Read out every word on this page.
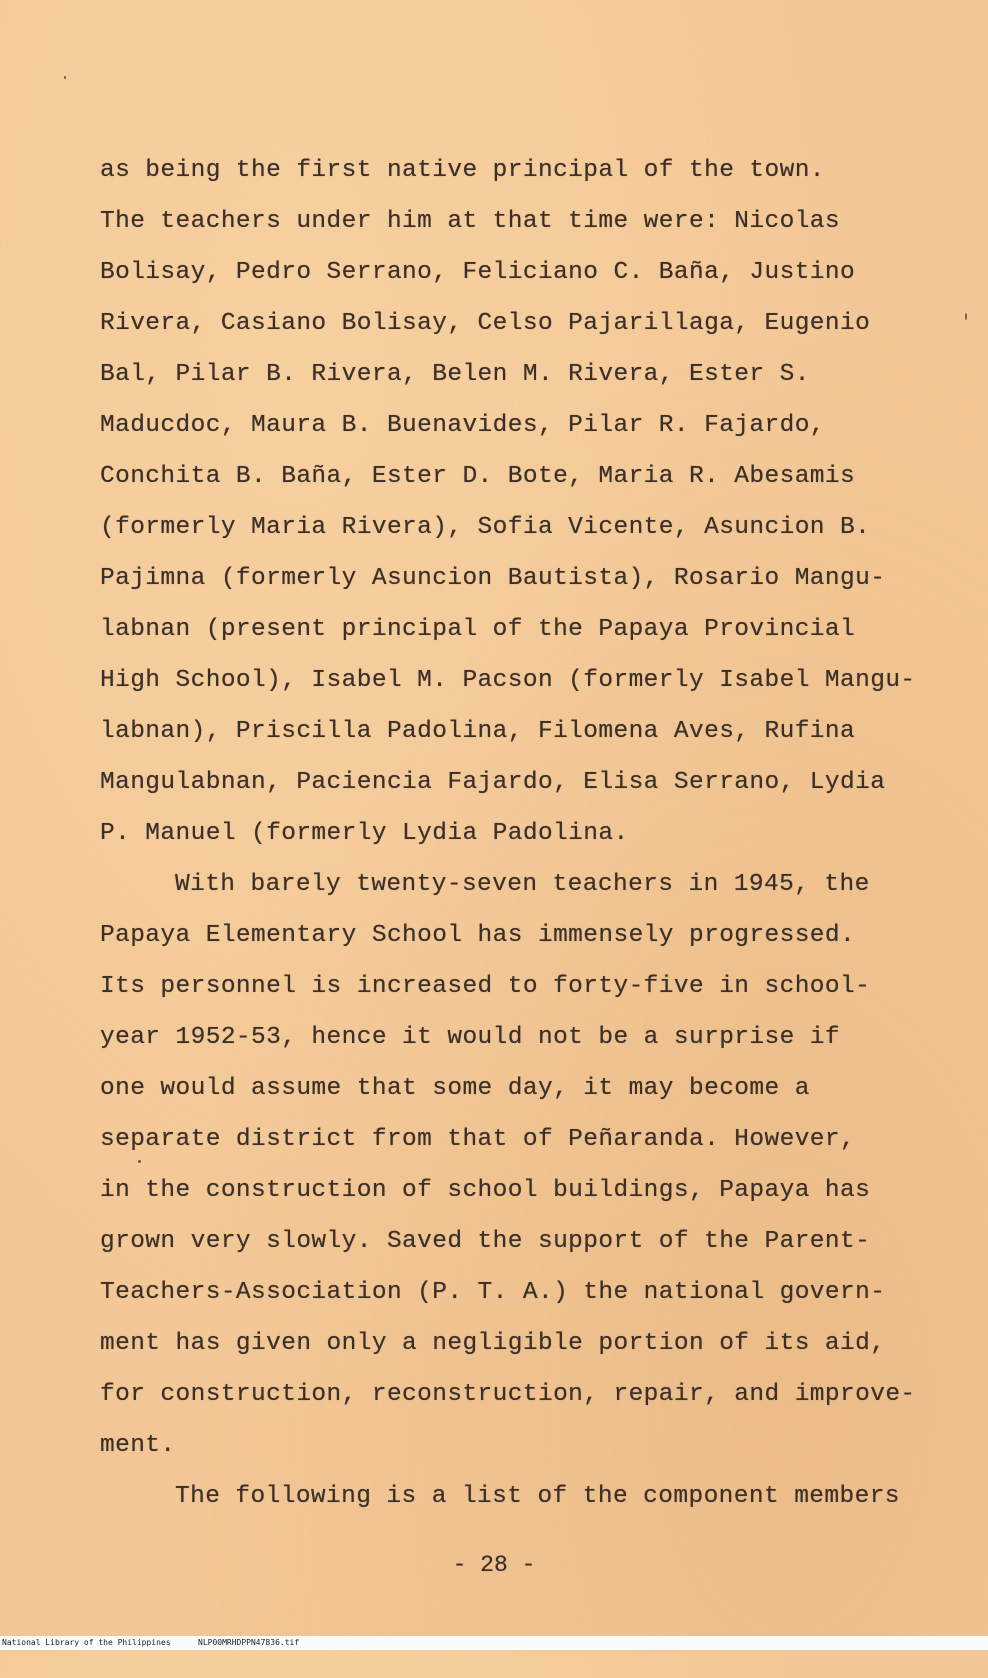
as being the first native principal of the town.
The teachers under him at that time were: Nicolas
Bolisay, Pedro Serrano, Feliciano C. Baña, Justino
Rivera, Casiano Bolisay, Celso Pajarillaga, Eugenio
Bal, Pilar B. Rivera, Belen M. Rivera, Ester S.
Maducdoc, Maura B. Buenavides, Pilar R. Fajardo,
Conchita B. Baña, Ester D. Bote, Maria R. Abesamis
(formerly Maria Rivera), Sofia Vicente, Asuncion B.
Pajimna (formerly Asuncion Bautista), Rosario Mangu-
labnan (present principal of the Papaya Provincial
High School), Isabel M. Pacson (formerly Isabel Mangu-
labnan), Priscilla Padolina, Filomena Aves, Rufina
Mangulabnan, Paciencia Fajardo, Elisa Serrano, Lydia
P. Manuel (formerly Lydia Padolina.
With barely twenty-seven teachers in 1945, the
Papaya Elementary School has immensely progressed.
Its personnel is increased to forty-five in school-
year 1952-53, hence it would not be a surprise if
one would assume that some day, it may become a
separate district from that of Peñaranda. However,
in the construction of school buildings, Papaya has
grown very slowly. Saved the support of the Parent-
Teachers-Association (P. T. A.) the national govern-
ment has given only a negligible portion of its aid,
for construction, reconstruction, repair, and improve-
ment.
The following is a list of the component members
- 28 -

National Library of the Philippines

	NLP00MRHDPPN47836.tif
